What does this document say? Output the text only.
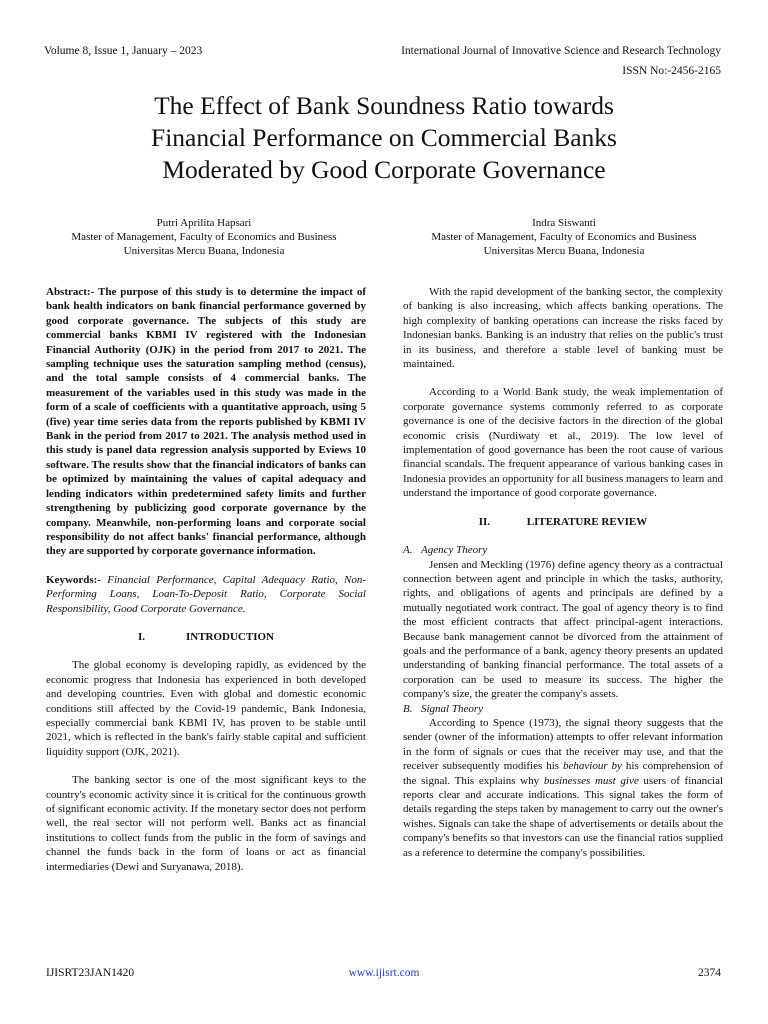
Volume 8, Issue 1, January – 2023	International Journal of Innovative Science and Research Technology
ISSN No:-2456-2165
The Effect of Bank Soundness Ratio towards
Financial Performance on Commercial Banks
Moderated by Good Corporate Governance
Putri Aprilita Hapsari
Master of Management, Faculty of Economics and Business
Universitas Mercu Buana, Indonesia
Indra Siswanti
Master of Management, Faculty of Economics and Business
Universitas Mercu Buana, Indonesia

Abstract:- The purpose of this study is to determine the impact of bank health indicators on bank financial performance governed by good corporate governance. The subjects of this study are commercial banks KBMI IV registered with the Indonesian Financial Authority (OJK) in the period from 2017 to 2021. The sampling technique uses the saturation sampling method (census), and the total sample consists of 4 commercial banks. The measurement of the variables used in this study was made in the form of a scale of coefficients with a quantitative approach, using 5 (five) year time series data from the reports published by KBMI IV Bank in the period from 2017 to 2021. The analysis method used in this study is panel data regression analysis supported by Eviews 10 software. The results show that the financial indicators of banks can be optimized by maintaining the values of capital adequacy and lending indicators within predetermined safety limits and further strengthening by publicizing good corporate governance by the company. Meanwhile, non-performing loans and corporate social responsibility do not affect banks' financial performance, although they are supported by corporate governance information.

Keywords:- Financial Performance, Capital Adequacy Ratio, Non-Performing Loans, Loan-To-Deposit Ratio, Corporate Social Responsibility, Good Corporate Governance.

I.	INTRODUCTION

The global economy is developing rapidly, as evidenced by the economic progress that Indonesia has experienced in both developed and developing countries. Even with global and domestic economic conditions still affected by the Covid-19 pandemic, Bank Indonesia, especially commercial bank KBMI IV, has proven to be stable until 2021, which is reflected in the bank's fairly stable capital and sufficient liquidity support (OJK, 2021).

The banking sector is one of the most significant keys to the country's economic activity since it is critical for the continuous growth of significant economic activity. If the monetary sector does not perform well, the real sector will not perform well. Banks act as financial institutions to collect funds from the public in the form of savings and channel the funds back in the form of loans or act as financial intermediaries (Dewi and Suryanawa, 2018).

With the rapid development of the banking sector, the complexity of banking is also increasing, which affects banking operations. The high complexity of banking operations can increase the risks faced by Indonesian banks. Banking is an industry that relies on the public's trust in its business, and therefore a stable level of banking must be maintained.

According to a World Bank study, the weak implementation of corporate governance systems commonly referred to as corporate governance is one of the decisive factors in the direction of the global economic crisis (Nurdiwaty et al., 2019). The low level of implementation of good governance has been the root cause of various financial scandals. The frequent appearance of various banking cases in Indonesia provides an opportunity for all business managers to learn and understand the importance of good corporate governance.

II.	LITERATURE REVIEW

A. Agency Theory

Jensen and Meckling (1976) define agency theory as a contractual connection between agent and principle in which the tasks, authority, rights, and obligations of agents and principals are defined by a mutually negotiated work contract. The goal of agency theory is to find the most efficient contracts that affect principal-agent interactions. Because bank management cannot be divorced from the attainment of goals and the performance of a bank, agency theory presents an updated understanding of banking financial performance. The total assets of a corporation can be used to measure its success. The higher the company's size, the greater the company's assets.

B. Signal Theory

According to Spence (1973), the signal theory suggests that the sender (owner of the information) attempts to offer relevant information in the form of signals or cues that the receiver may use, and that the receiver subsequently modifies his behaviour by his comprehension of the signal. This explains why businesses must give users of financial reports clear and accurate indications. This signal takes the form of details regarding the steps taken by management to carry out the owner's wishes. Signals can take the shape of advertisements or details about the company's benefits so that investors can use the financial ratios supplied as a reference to determine the company's possibilities.

IJISRT23JAN1420	www.ijisrt.com	2374
